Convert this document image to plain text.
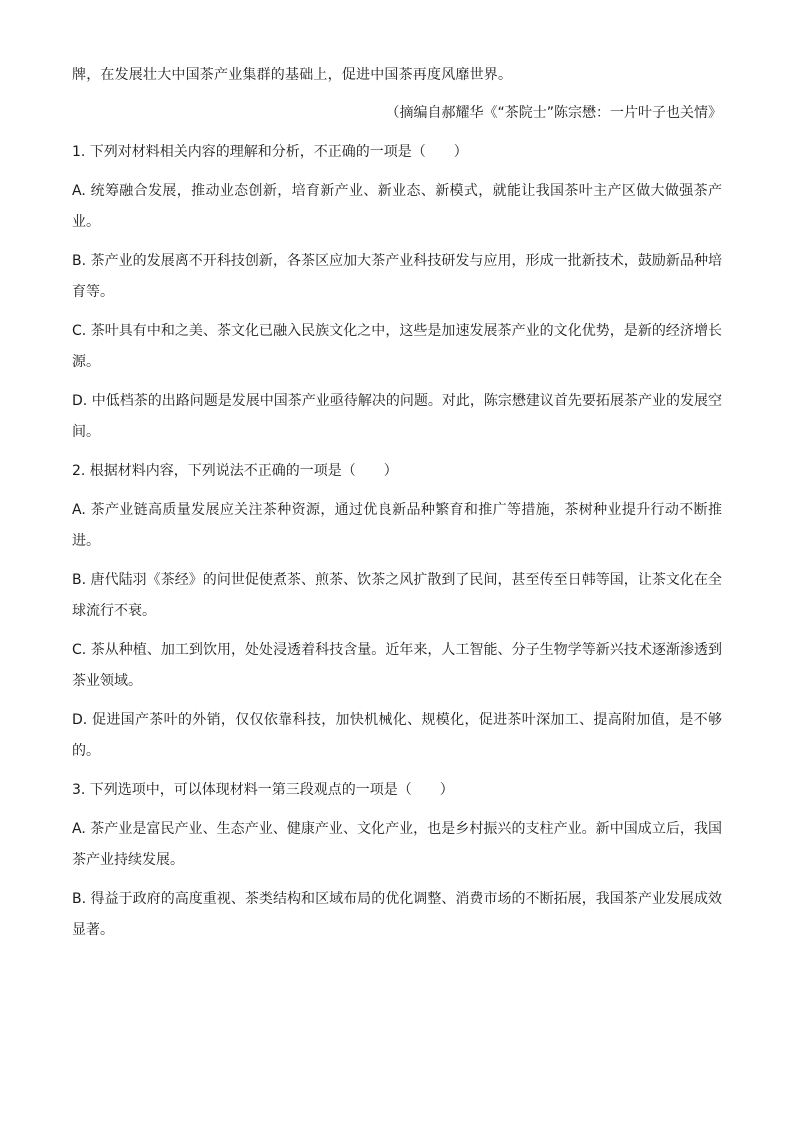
牌，在发展壮大中国茶产业集群的基础上，促进中国茶再度风靡世界。

（摘编自郝耀华《“茶院士”陈宗懋：一片叶子也关情》

1. 下列对材料相关内容的理解和分析，不正确的一项是（　　）

A. 统筹融合发展，推动业态创新，培育新产业、新业态、新模式，就能让我国茶叶主产区做大做强茶产业。

B. 茶产业的发展离不开科技创新，各茶区应加大茶产业科技研发与应用，形成一批新技术，鼓励新品种培育等。

C. 茶叶具有中和之美、茶文化已融入民族文化之中，这些是加速发展茶产业的文化优势，是新的经济增长源。

D. 中低档茶的出路问题是发展中国茶产业亟待解决的问题。对此，陈宗懋建议首先要拓展茶产业的发展空间。

2. 根据材料内容，下列说法不正确的一项是（　　）

A. 茶产业链高质量发展应关注茶种资源，通过优良新品种繁育和推广等措施，茶树种业提升行动不断推进。

B. 唐代陆羽《茶经》的问世促使煮茶、煎茶、饮茶之风扩散到了民间，甚至传至日韩等国，让茶文化在全球流行不衰。

C. 茶从种植、加工到饮用，处处浸透着科技含量。近年来，人工智能、分子生物学等新兴技术逐渐渗透到茶业领域。

D. 促进国产茶叶的外销，仅仅依靠科技，加快机械化、规模化，促进茶叶深加工、提高附加值，是不够的。

3. 下列选项中，可以体现材料一第三段观点的一项是（　　）

A. 茶产业是富民产业、生态产业、健康产业、文化产业，也是乡村振兴的支柱产业。新中国成立后，我国茶产业持续发展。

B. 得益于政府的高度重视、茶类结构和区域布局的优化调整、消费市场的不断拓展，我国茶产业发展成效显著。
